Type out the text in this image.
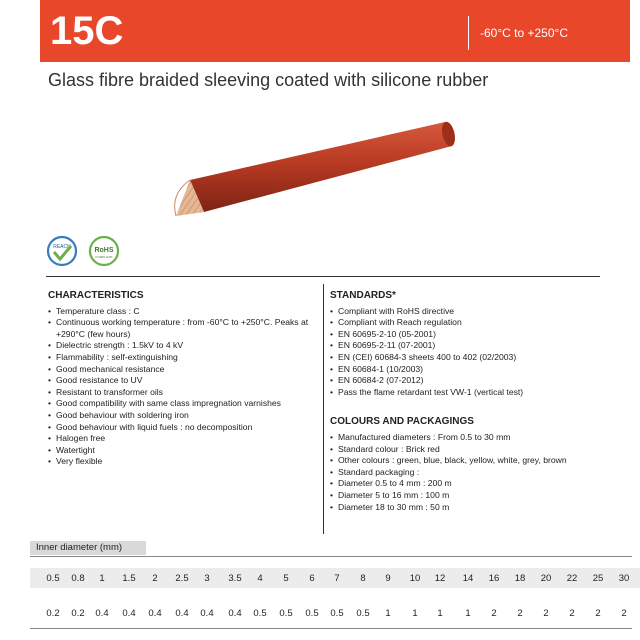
15C	-60°C to +250°C
Glass fibre braided sleeving coated with silicone rubber
REACH	RoHS
COMPLIANT
CHARACTERISTICS
• Temperature class : C
• Continuous working temperature : from -60°C to +250°C. Peaks at +290°C (few hours)
• Dielectric strength : 1.5kV to 4 kV
• Flammability : self-extinguishing
• Good mechanical resistance
• Good resistance to UV
• Resistant to transformer oils
• Good compatibility with same class impregnation varnishes
• Good behaviour with soldering iron
• Good behaviour with liquid fuels : no decomposition
• Halogen free
• Watertight
• Very flexible
STANDARDS*
• Compliant with RoHS directive
• Compliant with Reach regulation
• EN 60695-2-10 (05-2001)
• EN 60695-2-11 (07-2001)
• EN (CEI) 60684-3 sheets 400 to 402 (02/2003)
• EN 60684-1 (10/2003)
• EN 60684-2 (07-2012)
• Pass the flame retardant test VW-1 (vertical test)
COLOURS AND PACKAGINGS
• Manufactured diameters : From 0.5 to 30 mm
• Standard colour : Brick red
• Other colours : green, blue, black, yellow, white, grey, brown
• Standard packaging :
• Diameter 0.5 to 4 mm : 200 m
• Diameter 5 to 16 mm : 100 m
• Diameter 18 to 30 mm : 50 m
Inner diameter (mm)
0.5 0.8 1 1.5 2 2.5 3 3.5 4 5 6 7 8 9 10 12 14 16 18 20 22 25 30
0.2 0.2 0.4 0.4 0.4 0.4 0.4 0.4 0.5 0.5 0.5 0.5 0.5 1 1 1 1 2 2 2 2 2 2
